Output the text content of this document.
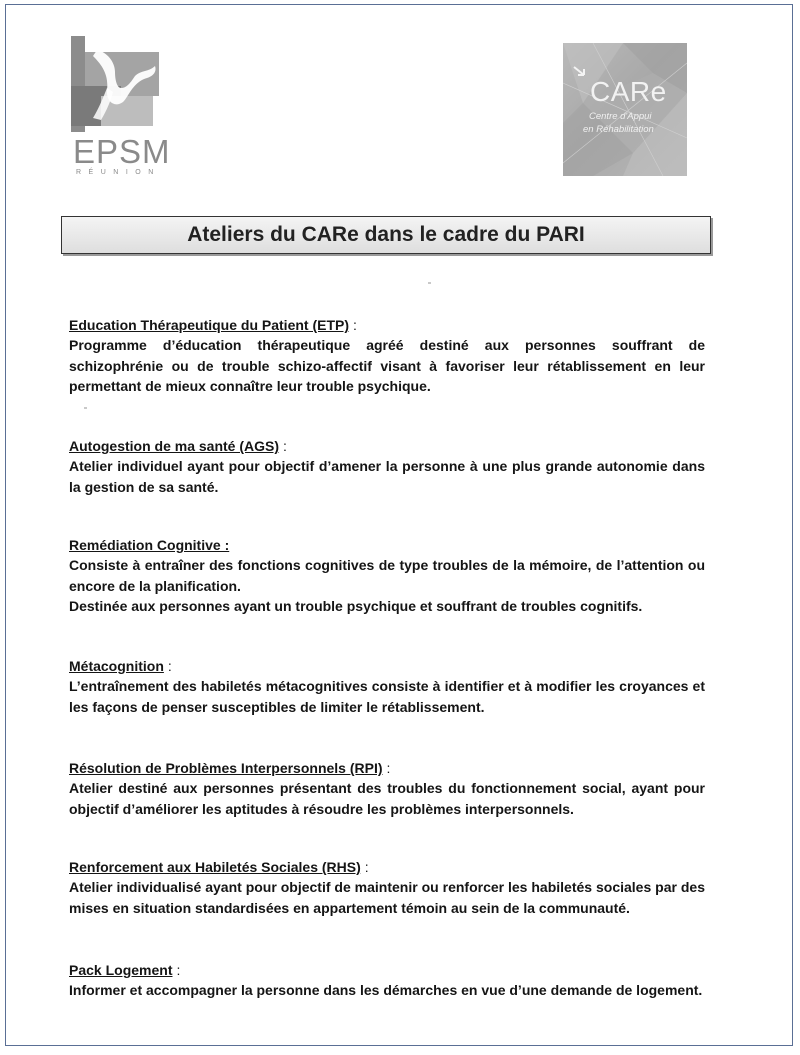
EPSM
RÉUNION
CARe
Centre d'Appui
en Réhabilitation
Ateliers du CARe dans le cadre du PARI
Education Thérapeutique du Patient (ETP) :

Programme d’éducation thérapeutique agréé destiné aux personnes souffrant de schizophrénie ou de trouble schizo-affectif visant à favoriser leur rétablissement en leur permettant de mieux connaître leur trouble psychique.

Autogestion de ma santé (AGS) :

Atelier individuel ayant pour objectif d’amener la personne à une plus grande autonomie dans la gestion de sa santé.

Remédiation Cognitive :

Consiste à entraîner des fonctions cognitives de type troubles de la mémoire, de l’attention ou encore de la planification.

Destinée aux personnes ayant un trouble psychique et souffrant de troubles cognitifs.

Métacognition :

L’entraînement des habiletés métacognitives consiste à identifier et à modifier les croyances et les façons de penser susceptibles de limiter le rétablissement.

Résolution de Problèmes Interpersonnels (RPI) :

Atelier destiné aux personnes présentant des troubles du fonctionnement social, ayant pour objectif d’améliorer les aptitudes à résoudre les problèmes interpersonnels.

Renforcement aux Habiletés Sociales (RHS) :

Atelier individualisé ayant pour objectif de maintenir ou renforcer les habiletés sociales par des mises en situation standardisées en appartement témoin au sein de la communauté.

Pack Logement :

Informer et accompagner la personne dans les démarches en vue d’une demande de logement.
